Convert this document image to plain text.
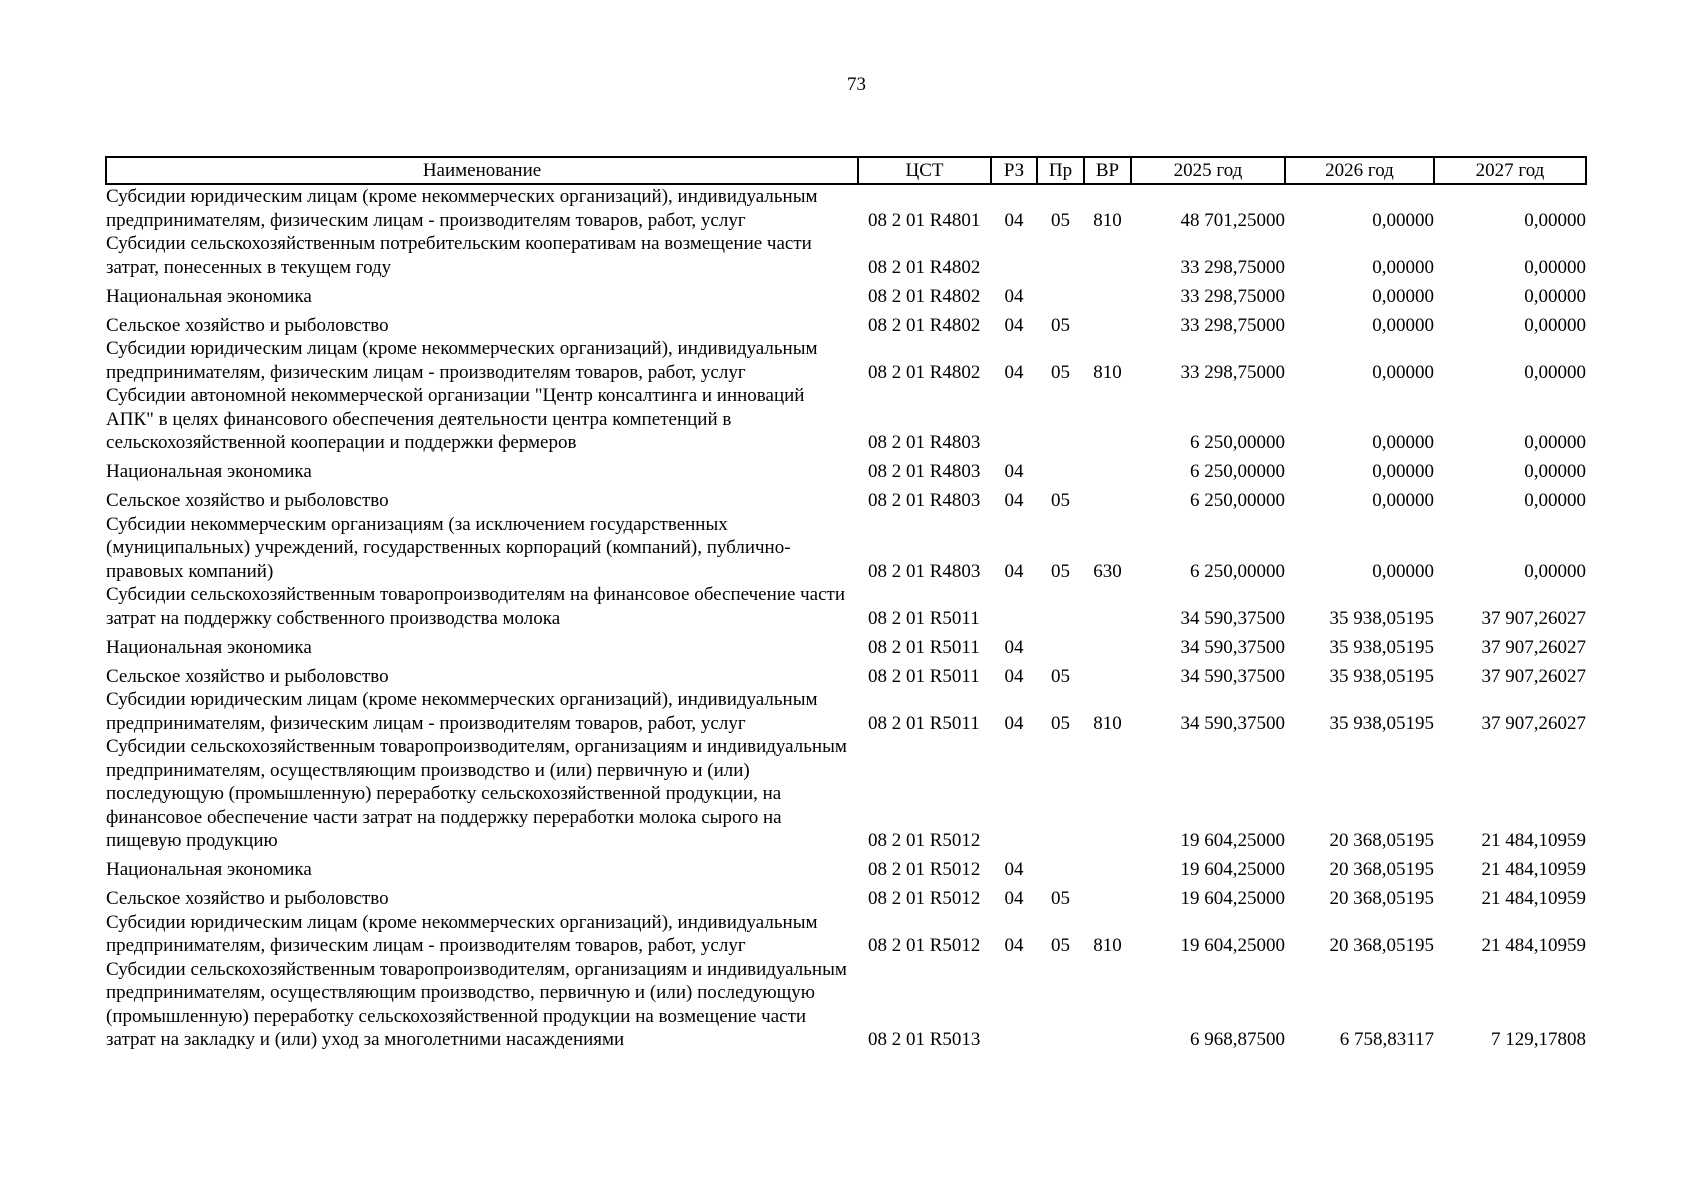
73
Наименование	ЦСТ	РЗ	Пр	ВР	2025 год	2026 год	2027 год
Субсидии юридическим лицам (кроме некоммерческих организаций), индивидуальным предпринимателям, физическим лицам - производителям товаров, работ, услуг	08 2 01 R4801	04	05	810	48 701,25000	0,00000	0,00000
Субсидии сельскохозяйственным потребительским кооперативам на возмещение части затрат, понесенных в текущем году	08 2 01 R4802				33 298,75000	0,00000	0,00000
Национальная экономика	08 2 01 R4802	04			33 298,75000	0,00000	0,00000
Сельское хозяйство и рыболовство	08 2 01 R4802	04	05		33 298,75000	0,00000	0,00000
Субсидии юридическим лицам (кроме некоммерческих организаций), индивидуальным предпринимателям, физическим лицам - производителям товаров, работ, услуг	08 2 01 R4802	04	05	810	33 298,75000	0,00000	0,00000
Субсидии автономной некоммерческой организации "Центр консалтинга и инноваций АПК" в целях финансового обеспечения деятельности центра компетенций в сельскохозяйственной кооперации и поддержки фермеров	08 2 01 R4803				6 250,00000	0,00000	0,00000
Национальная экономика	08 2 01 R4803	04			6 250,00000	0,00000	0,00000
Сельское хозяйство и рыболовство	08 2 01 R4803	04	05		6 250,00000	0,00000	0,00000
Субсидии некоммерческим организациям (за исключением государственных (муниципальных) учреждений, государственных корпораций (компаний), публично-правовых компаний)	08 2 01 R4803	04	05	630	6 250,00000	0,00000	0,00000
Субсидии сельскохозяйственным товаропроизводителям на финансовое обеспечение части затрат на поддержку собственного производства молока	08 2 01 R5011				34 590,37500	35 938,05195	37 907,26027
Национальная экономика	08 2 01 R5011	04			34 590,37500	35 938,05195	37 907,26027
Сельское хозяйство и рыболовство	08 2 01 R5011	04	05		34 590,37500	35 938,05195	37 907,26027
Субсидии юридическим лицам (кроме некоммерческих организаций), индивидуальным предпринимателям, физическим лицам - производителям товаров, работ, услуг	08 2 01 R5011	04	05	810	34 590,37500	35 938,05195	37 907,26027
Субсидии сельскохозяйственным товаропроизводителям, организациям и индивидуальным предпринимателям, осуществляющим производство и (или) первичную и (или) последующую (промышленную) переработку сельскохозяйственной продукции, на финансовое обеспечение части затрат на поддержку переработки молока сырого на пищевую продукцию	08 2 01 R5012				19 604,25000	20 368,05195	21 484,10959
Национальная экономика	08 2 01 R5012	04			19 604,25000	20 368,05195	21 484,10959
Сельское хозяйство и рыболовство	08 2 01 R5012	04	05		19 604,25000	20 368,05195	21 484,10959
Субсидии юридическим лицам (кроме некоммерческих организаций), индивидуальным предпринимателям, физическим лицам - производителям товаров, работ, услуг	08 2 01 R5012	04	05	810	19 604,25000	20 368,05195	21 484,10959
Субсидии сельскохозяйственным товаропроизводителям, организациям и индивидуальным предпринимателям, осуществляющим производство, первичную и (или) последующую (промышленную) переработку сельскохозяйственной продукции на возмещение части затрат на закладку и (или) уход за многолетними насаждениями	08 2 01 R5013				6 968,87500	6 758,83117	7 129,17808
